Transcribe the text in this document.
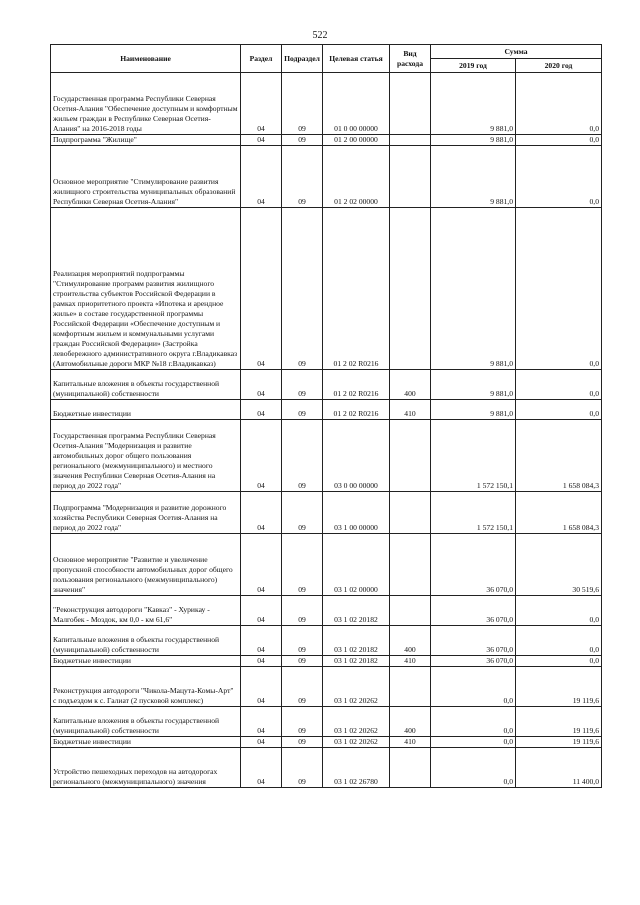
522
Наименование	Раздел	Подраздел	Целевая статья	Вид расхода	Сумма	
					2019 год	2020 год
Государственная программа Республики Северная Осетия-Алания "Обеспечение доступным и комфортным жильем граждан в Республике Северная Осетия-Алания" на 2016-2018 годы	04	09	01 0 00 00000		9 881,0	0,0
Подпрограмма "Жилище"	04	09	01 2 00 00000		9 881,0	0,0
Основное мероприятие "Стимулирование развития жилищного строительства муниципальных образований Республики Северная Осетия-Алания"	04	09	01 2 02 00000		9 881,0	0,0
Реализация мероприятий подпрограммы "Стимулирование программ развития жилищного строительства субъектов Российской Федерации в рамках приоритетного проекта «Ипотека и арендное жилье» в составе государственной программы Российской Федерации «Обеспечение доступным и комфортным жильем и коммунальными услугами граждан Российской Федерации» (Застройка левобережного административного округа г.Владикавказ (Автомобильные дороги МКР №18 г.Владикавказ)	04	09	01 2 02 R0216		9 881,0	0,0
Капитальные вложения в объекты государственной (муниципальной) собственности	04	09	01 2 02 R0216	400	9 881,0	0,0
Бюджетные инвестиции	04	09	01 2 02 R0216	410	9 881,0	0,0
Государственная программа Республики Северная Осетия-Алания "Модернизация и развитие автомобильных дорог общего пользования регионального (межмуниципального) и местного значения Республики Северная Осетия-Алания на период до 2022 года"	04	09	03 0 00 00000		1 572 150,1	1 658 084,3
Подпрограмма "Модернизация и развитие дорожного хозяйства Республики Северная Осетия-Алания на период до 2022 года"	04	09	03 1 00 00000		1 572 150,1	1 658 084,3
Основное мероприятие "Развитие и увеличение пропускной способности автомобильных дорог общего пользования регионального (межмуниципального) значения"	04	09	03 1 02 00000		36 070,0	30 519,6
"Реконструкция автодороги "Кавказ" - Хурикау - Малгобек - Моздок, км 0,0 - км 61,6"	04	09	03 1 02 20182		36 070,0	0,0
Капитальные вложения в объекты государственной (муниципальной) собственности	04	09	03 1 02 20182	400	36 070,0	0,0
Бюджетные инвестиции	04	09	03 1 02 20182	410	36 070,0	0,0
Реконструкция автодороги "Чиколa-Мацута-Комы-Арт" с подъездом к с. Галиат (2 пусковой комплекс)	04	09	03 1 02 20262		0,0	19 119,6
Капитальные вложения в объекты государственной (муниципальной) собственности	04	09	03 1 02 20262	400	0,0	19 119,6
Бюджетные инвестиции	04	09	03 1 02 20262	410	0,0	19 119,6
Устройство пешеходных переходов на автодорогах регионального (межмуниципального) значения	04	09	03 1 02 26780		0,0	11 400,0
